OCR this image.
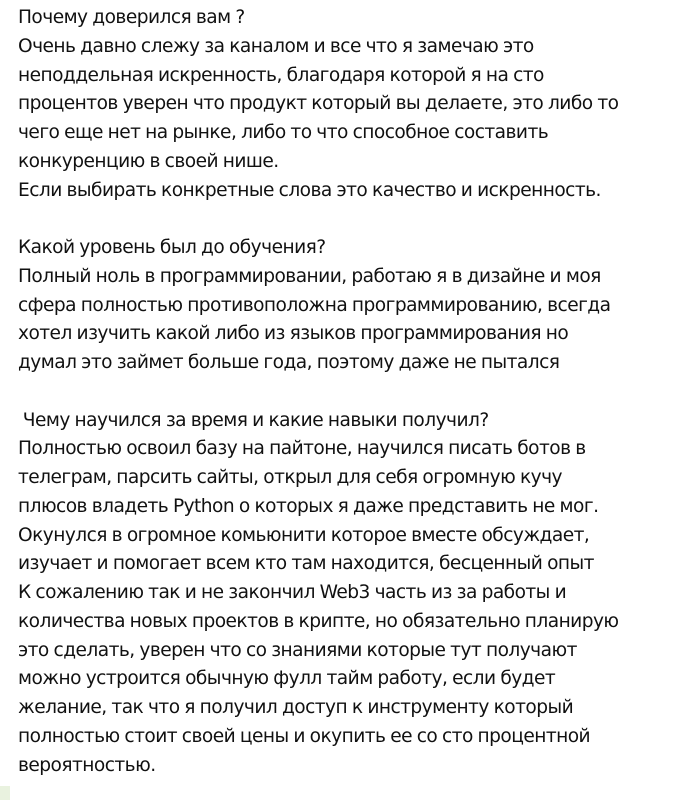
Почему доверился вам ?
Очень давно слежу за каналом и все что я замечаю это
неподдельная искренность, благодаря которой я на сто
процентов уверен что продукт который вы делаете, это либо то
чего еще нет на рынке, либо то что способное составить
конкуренцию в своей нише.
Если выбирать конкретные слова это качество и искренность.
Какой уровень был до обучения?
Полный ноль в программировании, работаю я в дизайне и моя
сфера полностью противоположна программированию, всегда
хотел изучить какой либо из языков программирования но
думал это займет больше года, поэтому даже не пытался
Чему научился за время и какие навыки получил?
Полностью освоил базу на пайтоне, научился писать ботов в
телеграм, парсить сайты, открыл для себя огромную кучу
плюсов владеть Python о которых я даже представить не мог.
Окунулся в огромное комьюнити которое вместе обсуждает,
изучает и помогает всем кто там находится, бесценный опыт
К сожалению так и не закончил Web3 часть из за работы и
количества новых проектов в крипте, но обязательно планирую
это сделать, уверен что со знаниями которые тут получают
можно устроится обычную фулл тайм работу, если будет
желание, так что я получил доступ к инструменту который
полностью стоит своей цены и окупить ее со сто процентной
вероятностью.
